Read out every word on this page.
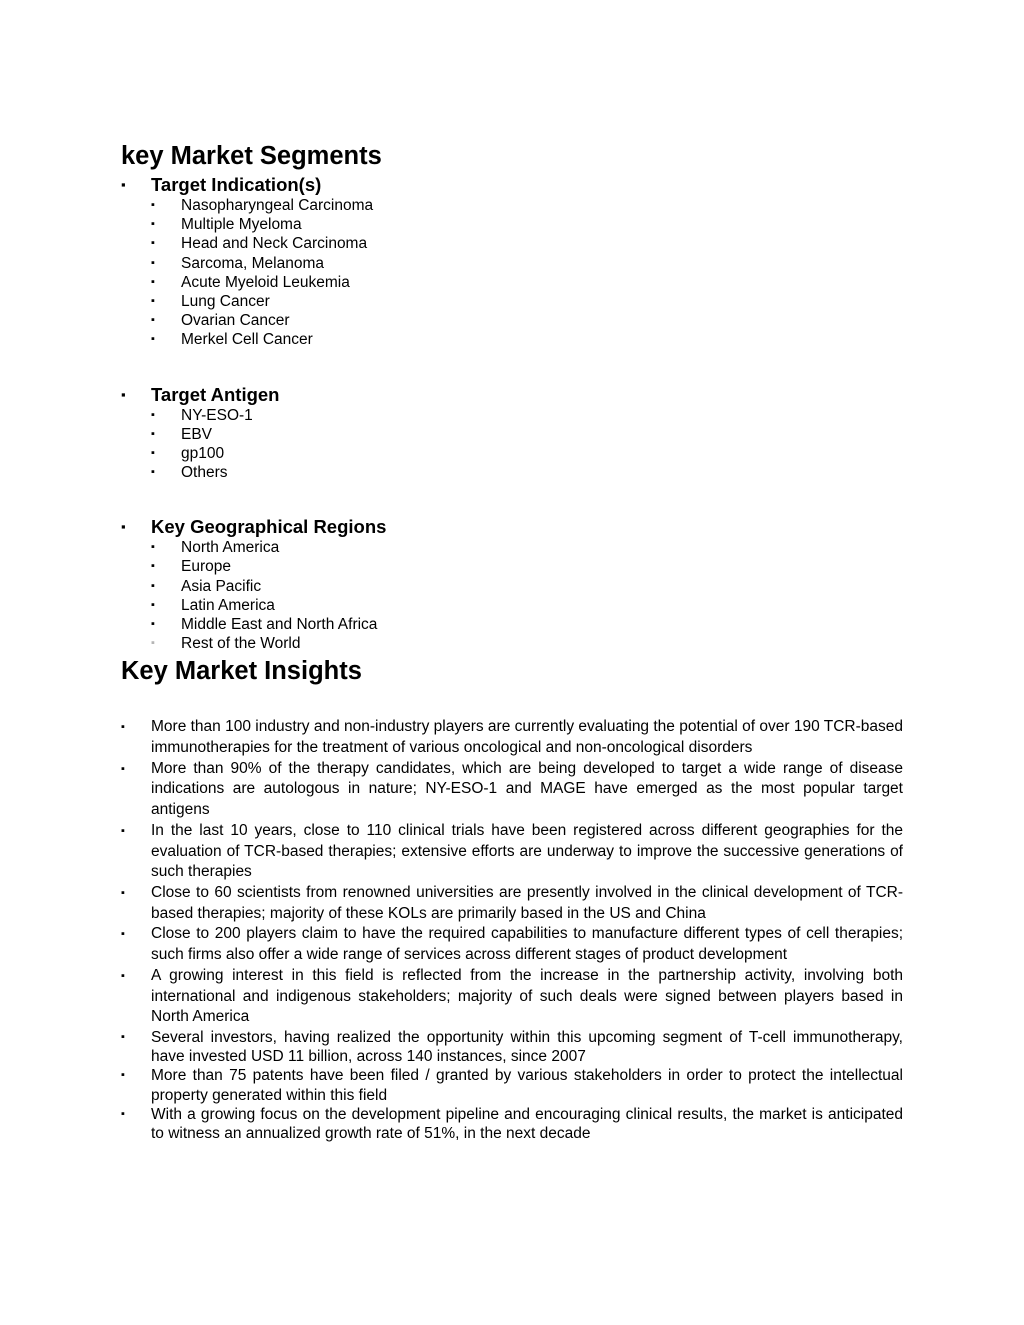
key Market Segments
▪	Target Indication(s)
▪ Nasopharyngeal Carcinoma
▪ Multiple Myeloma
▪ Head and Neck Carcinoma
▪ Sarcoma, Melanoma
▪ Acute Myeloid Leukemia
▪ Lung Cancer
▪ Ovarian Cancer
▪ Merkel Cell Cancer
▪	Target Antigen
▪ NY-ESO-1
▪ EBV
▪ gp100
▪ Others
▪	Key Geographical Regions
▪ North America
▪ Europe
▪ Asia Pacific
▪ Latin America
▪ Middle East and North Africa
▪ Rest of the World
Key Market Insights
▪ More than 100 industry and non-industry players are currently evaluating the potential of over 190 TCR-based immunotherapies for the treatment of various oncological and non-oncological disorders
▪ More than 90% of the therapy candidates, which are being developed to target a wide range of disease indications are autologous in nature; NY-ESO-1 and MAGE have emerged as the most popular target antigens
▪ In the last 10 years, close to 110 clinical trials have been registered across different geographies for the evaluation of TCR-based therapies; extensive efforts are underway to improve the successive generations of such therapies
▪ Close to 60 scientists from renowned universities are presently involved in the clinical development of TCR-based therapies; majority of these KOLs are primarily based in the US and China
▪ Close to 200 players claim to have the required capabilities to manufacture different types of cell therapies; such firms also offer a wide range of services across different stages of product development
▪ A growing interest in this field is reflected from the increase in the partnership activity, involving both international and indigenous stakeholders; majority of such deals were signed between players based in North America
▪ Several investors, having realized the opportunity within this upcoming segment of T-cell immunotherapy, have invested USD 11 billion, across 140 instances, since 2007
▪ More than 75 patents have been filed / granted by various stakeholders in order to protect the intellectual property generated within this field
▪ With a growing focus on the development pipeline and encouraging clinical results, the market is anticipated to witness an annualized growth rate of 51%, in the next decade
